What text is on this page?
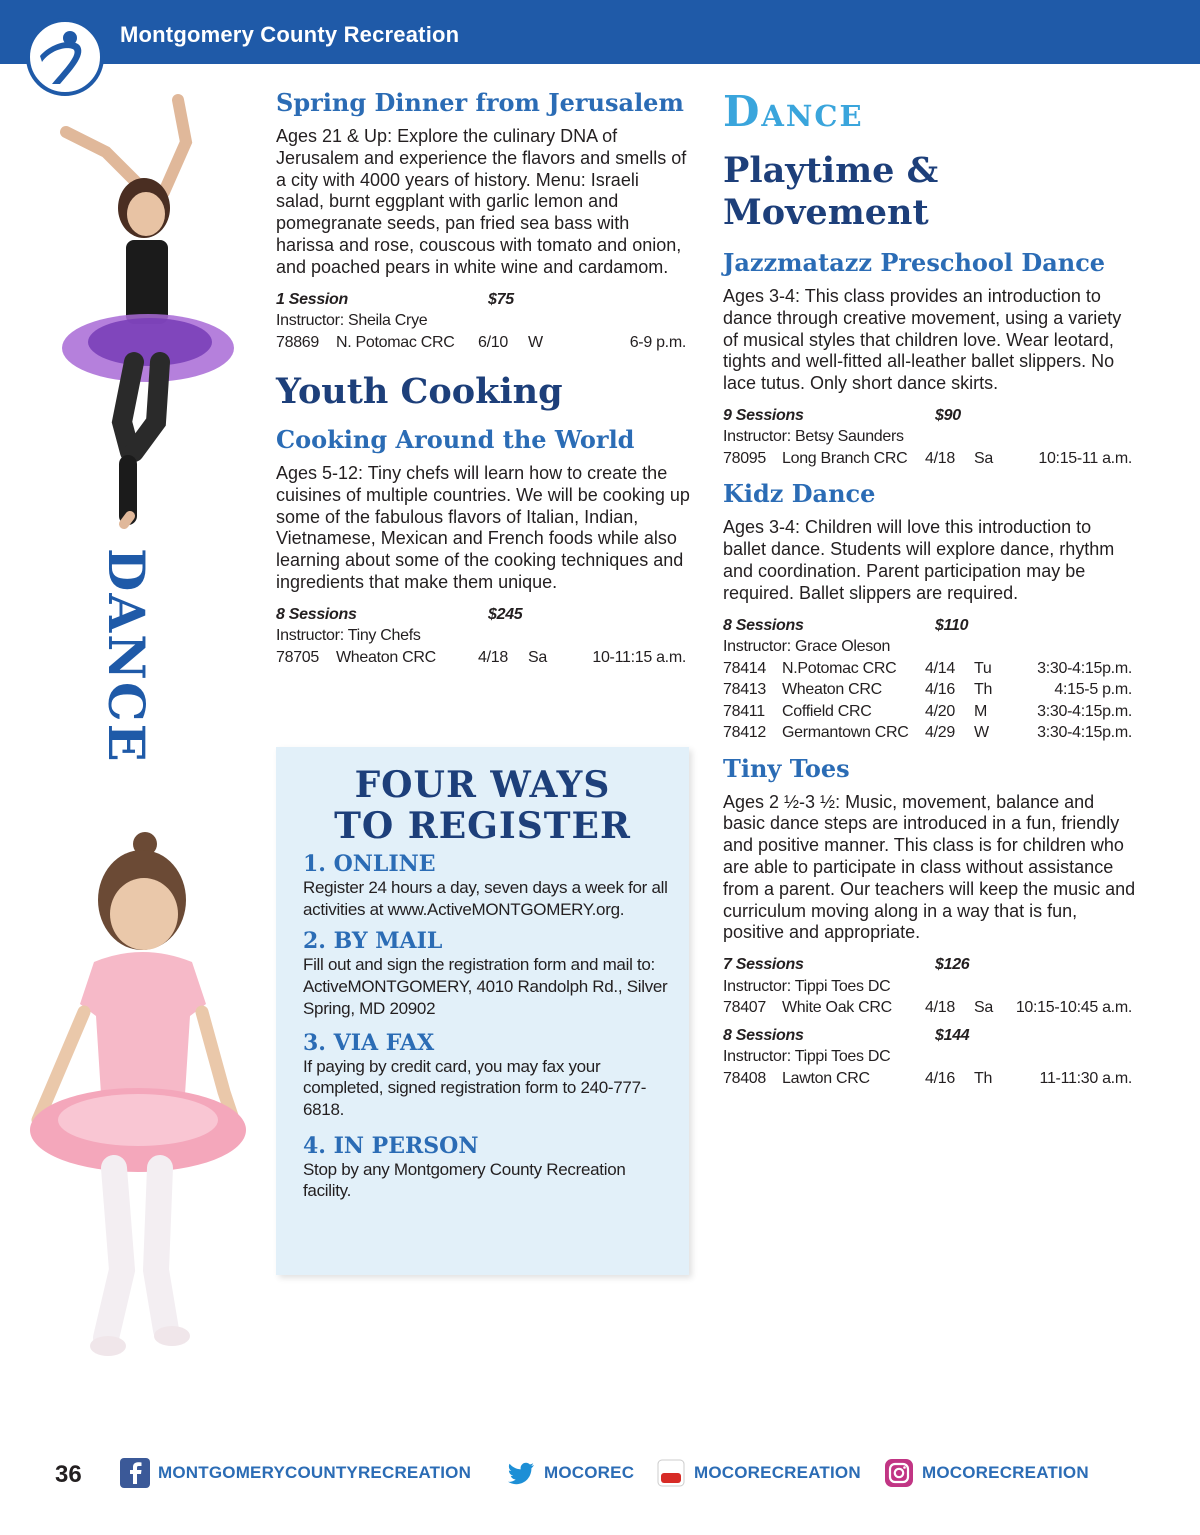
Montgomery County Recreation
DANCE
Spring Dinner from Jerusalem
Ages 21 & Up: Explore the culinary DNA of Jerusalem and experience the flavors and smells of a city with 4000 years of history. Menu: Israeli salad, burnt eggplant with garlic lemon and pomegranate seeds, pan fried sea bass with harissa and rose, couscous with tomato and onion, and poached pears in white wine and cardamom.
1 Session	$75
Instructor: Sheila Crye
78869 N. Potomac CRC 6/10 W	6-9 p.m.
Youth Cooking
Cooking Around the World
Ages 5-12: Tiny chefs will learn how to create the cuisines of multiple countries. We will be cooking up some of the fabulous flavors of Italian, Indian, Vietnamese, Mexican and French foods while also learning about some of the cooking techniques and ingredients that make them unique.
8 Sessions	$245
Instructor: Tiny Chefs
78705 Wheaton CRC	4/18 Sa	10-11:15 a.m.
FOUR WAYS
TO REGISTER
1. ONLINE

Register 24 hours a day, seven days a week for all activities at www.ActiveMONTGOMERY.org.

2. BY MAIL

Fill out and sign the registration form and mail to: ActiveMONTGOMERY, 4010 Randolph Rd., Silver Spring, MD 20902

3. VIA FAX

If paying by credit card, you may fax your completed, signed registration form to 240-777-6818.

4. IN PERSON

Stop by any Montgomery County Recreation facility.

Dance
Playtime & Movement
Jazzmatazz Preschool Dance
Ages 3-4: This class provides an introduction to dance through creative movement, using a variety of musical styles that children love. Wear leotard, tights and well-fitted all-leather ballet slippers. No lace tutus. Only short dance skirts.
9 Sessions	$90
Instructor: Betsy Saunders
78095 Long Branch CRC 4/18 Sa	10:15-11 a.m.
Kidz Dance
Ages 3-4: Children will love this introduction to ballet dance. Students will explore dance, rhythm and coordination. Parent participation may be required. Ballet slippers are required.
8 Sessions	$110
Instructor: Grace Oleson
78414 N.Potomac CRC 4/14 Tu	3:30-4:15p.m.
78413 Wheaton CRC	4/16 Th	4:15-5 p.m.
78411 Coffield CRC	4/20 M	3:30-4:15p.m.
78412 Germantown CRC 4/29 W	3:30-4:15p.m.
Tiny Toes
Ages 2 ½-3 ½: Music, movement, balance and basic dance steps are introduced in a fun, friendly and positive manner. This class is for children who are able to participate in class without assistance from a parent. Our teachers will keep the music and curriculum moving along in a way that is fun, positive and appropriate.
7 Sessions	$126
Instructor: Tippi Toes DC
78407 White Oak CRC 4/18 Sa 10:15-10:45 a.m.
8 Sessions	$144
Instructor: Tippi Toes DC
78408 Lawton CRC	4/16 Th	11-11:30 a.m.
36	MONTGOMERYCOUNTYRECREATION	MOCOREC	MOCORECREATION	MOCORECREATION
